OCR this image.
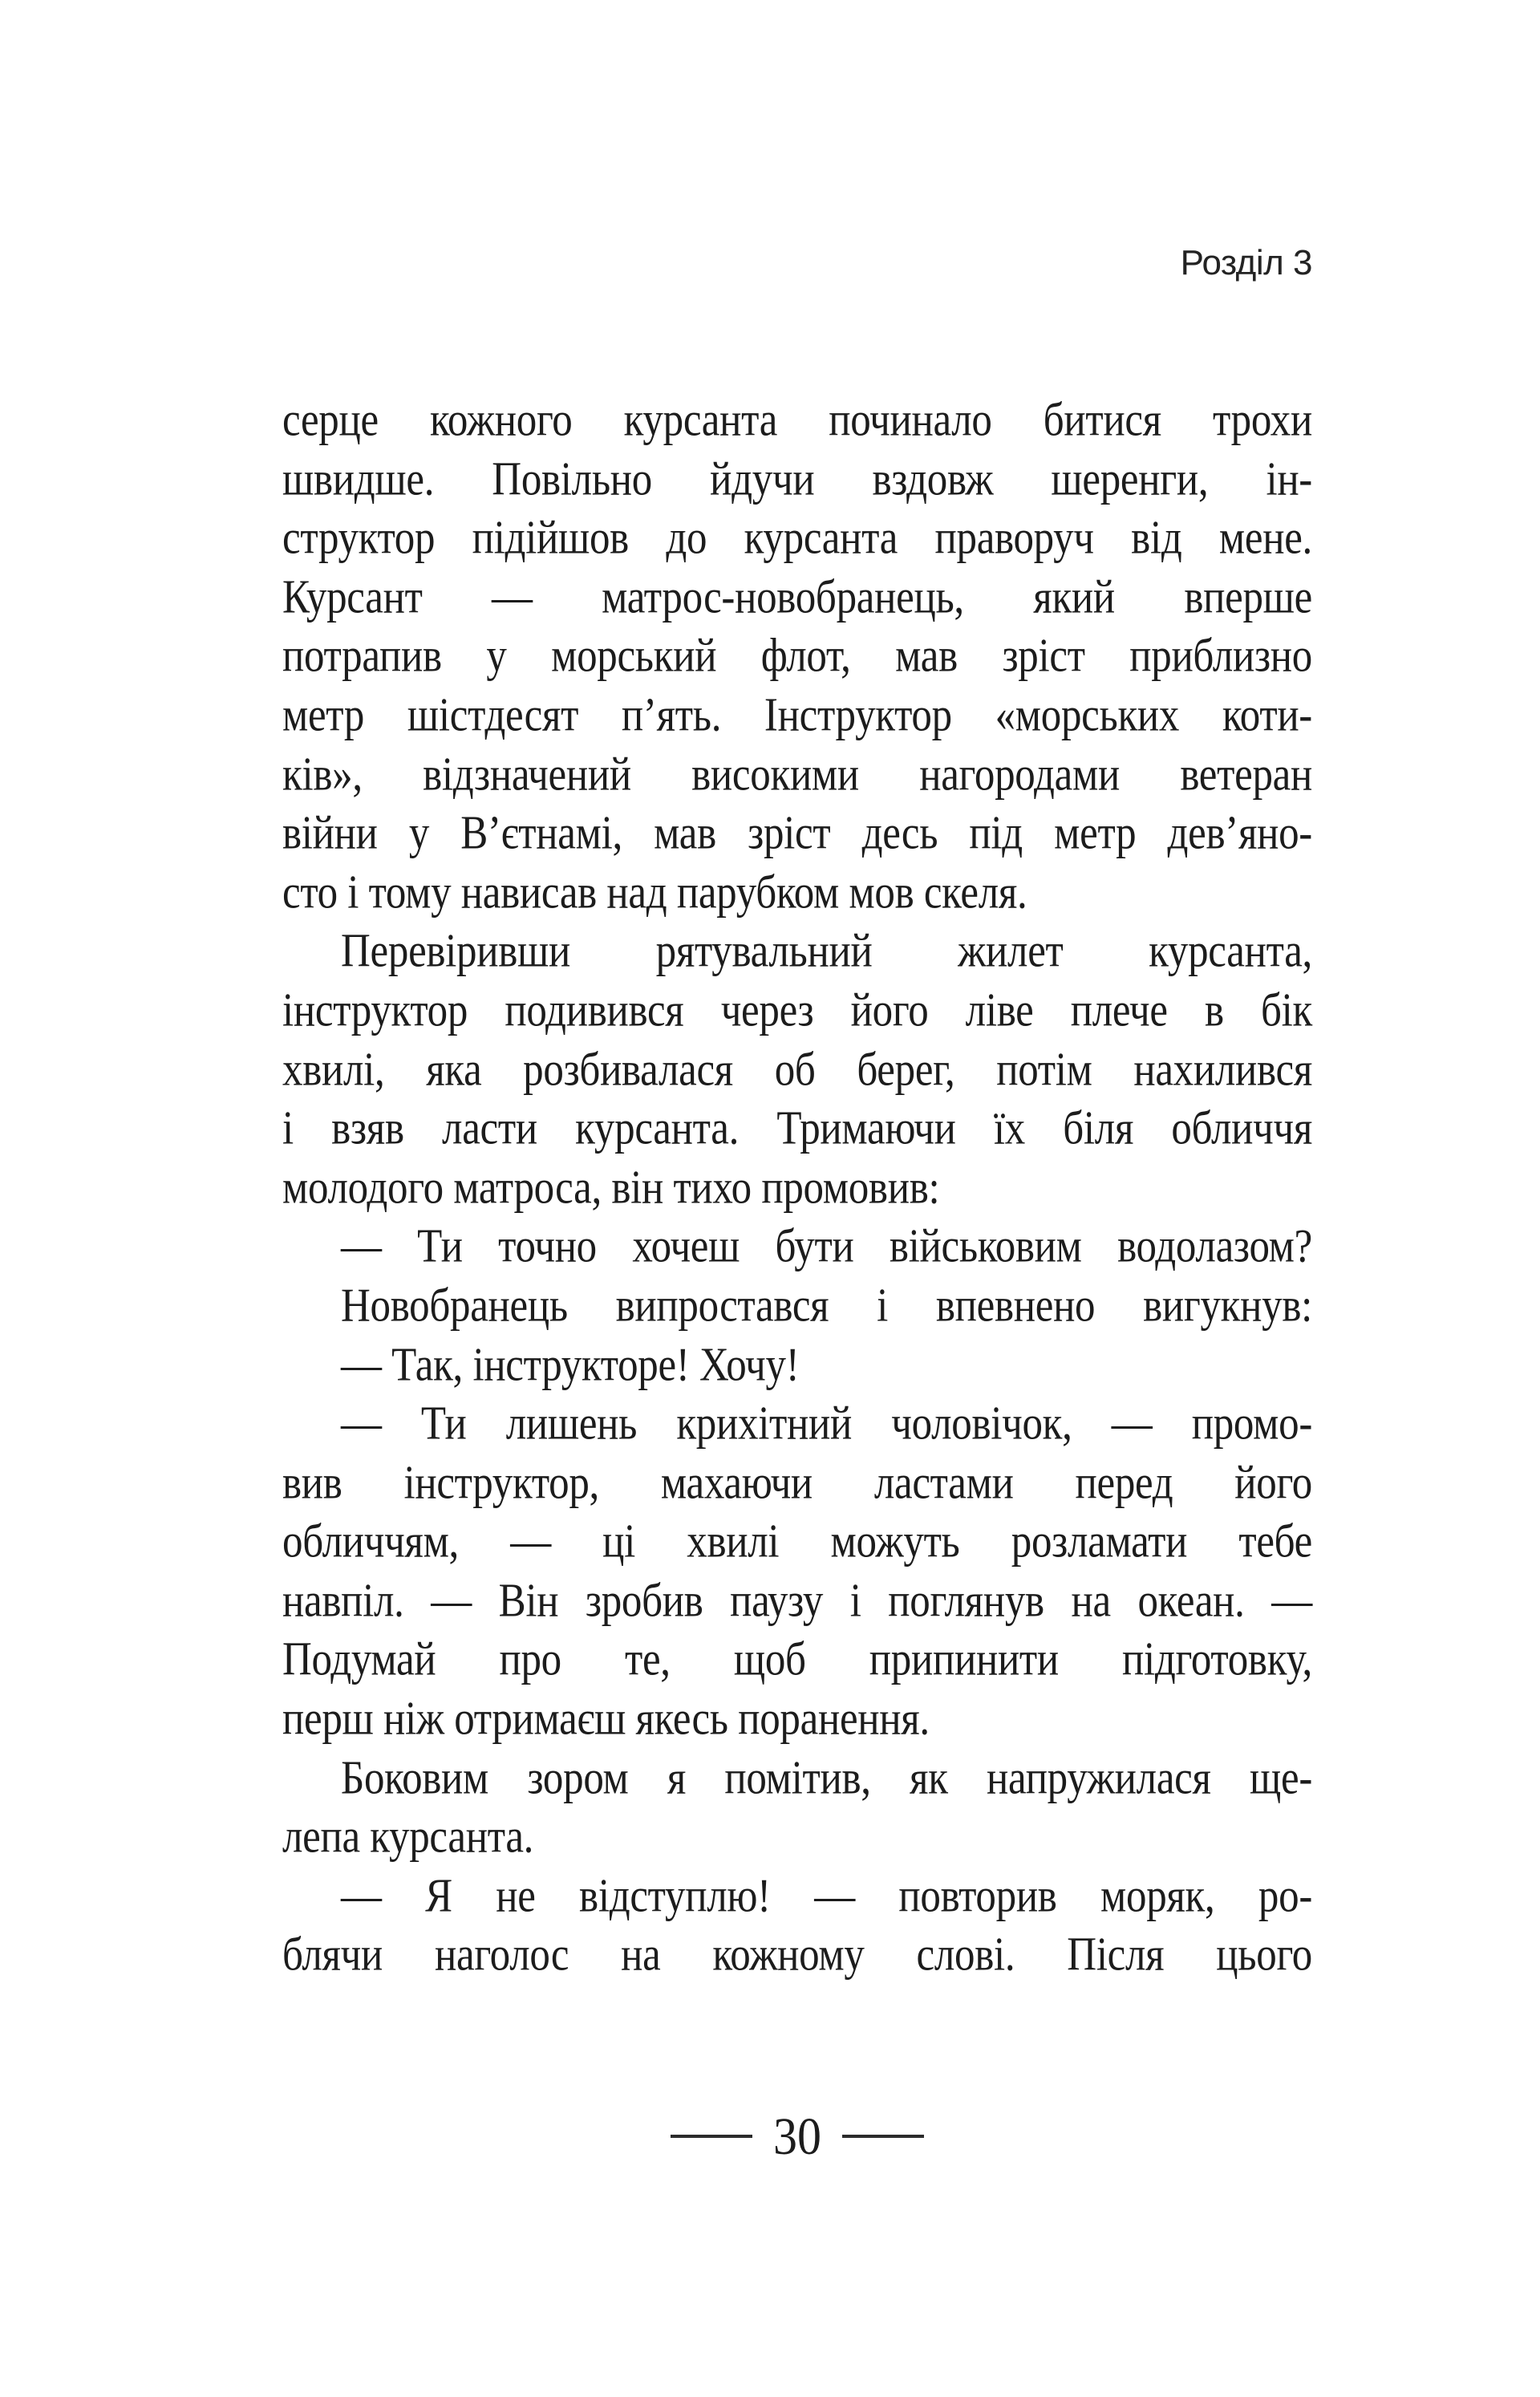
Розділ 3
серце кожного курсанта починало битися трохи
швидше. Повільно йдучи вздовж шеренги, ін-
структор підійшов до курсанта праворуч від мене.
Курсант — матрос-новобранець, який вперше
потрапив у морський флот, мав зріст приблизно
метр шістдесят п’ять. Інструктор «морських коти-
ків», відзначений високими нагородами ветеран
війни у В’єтнамі, мав зріст десь під метр дев’яно-
сто і тому нависав над парубком мов скеля.
Перевіривши рятувальний жилет курсанта,
інструктор подивився через його ліве плече в бік
хвилі, яка розбивалася об берег, потім нахилився
і взяв ласти курсанта. Тримаючи їх біля обличчя
молодого матроса, він тихо промовив:
— Ти точно хочеш бути військовим водолазом?
Новобранець випростався і впевнено вигукнув:
— Так, інструкторе! Хочу!
— Ти лишень крихітний чоловічок, — промо-
вив інструктор, махаючи ластами перед його
обличчям, — ці хвилі можуть розламати тебе
навпіл. — Він зробив паузу і поглянув на океан. —
Подумай про те, щоб припинити підготовку,
перш ніж отримаєш якесь поранення.
Боковим зором я помітив, як напружилася ще-
лепа курсанта.
— Я не відступлю! — повторив моряк, ро-
блячи наголос на кожному слові. Після цього
30
